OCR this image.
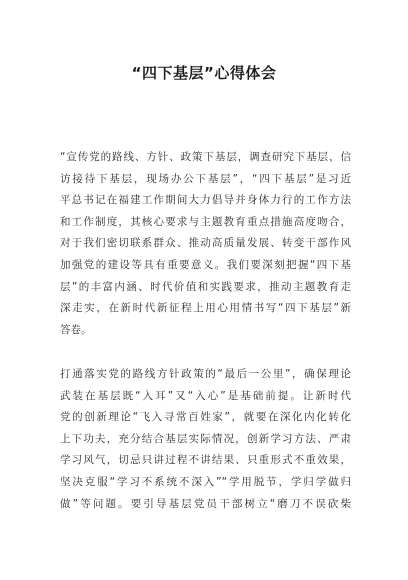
“四下基层”心得体会
“宣传党的路线、方针、政策下基层，调查研究下基层，信
访接待下基层，现场办公下基层”，“四下基层”是习近
平总书记在福建工作期间大力倡导并身体力行的工作方法
和工作制度，其核心要求与主题教育重点措施高度吻合，
对于我们密切联系群众、推动高质量发展、转变干部作风
加强党的建设等具有重要意义。我们要深刻把握“四下基
层”的丰富内涵、时代价值和实践要求，推动主题教育走
深走实，在新时代新征程上用心用情书写“四下基层”新
答卷。
打通落实党的路线方针政策的“最后一公里”，确保理论
武装在基层既“入耳”又“入心”是基础前提。让新时代
党的创新理论“飞入寻常百姓家”，就要在深化内化转化
上下功夫，充分结合基层实际情况，创新学习方法、严肃
学习风气，切忌只讲过程不讲结果、只重形式不重效果，
坚决克服“学习不系统不深入”“学用脱节，学归学做归
做”等问题。要引导基层党员干部树立“磨刀不误砍柴
